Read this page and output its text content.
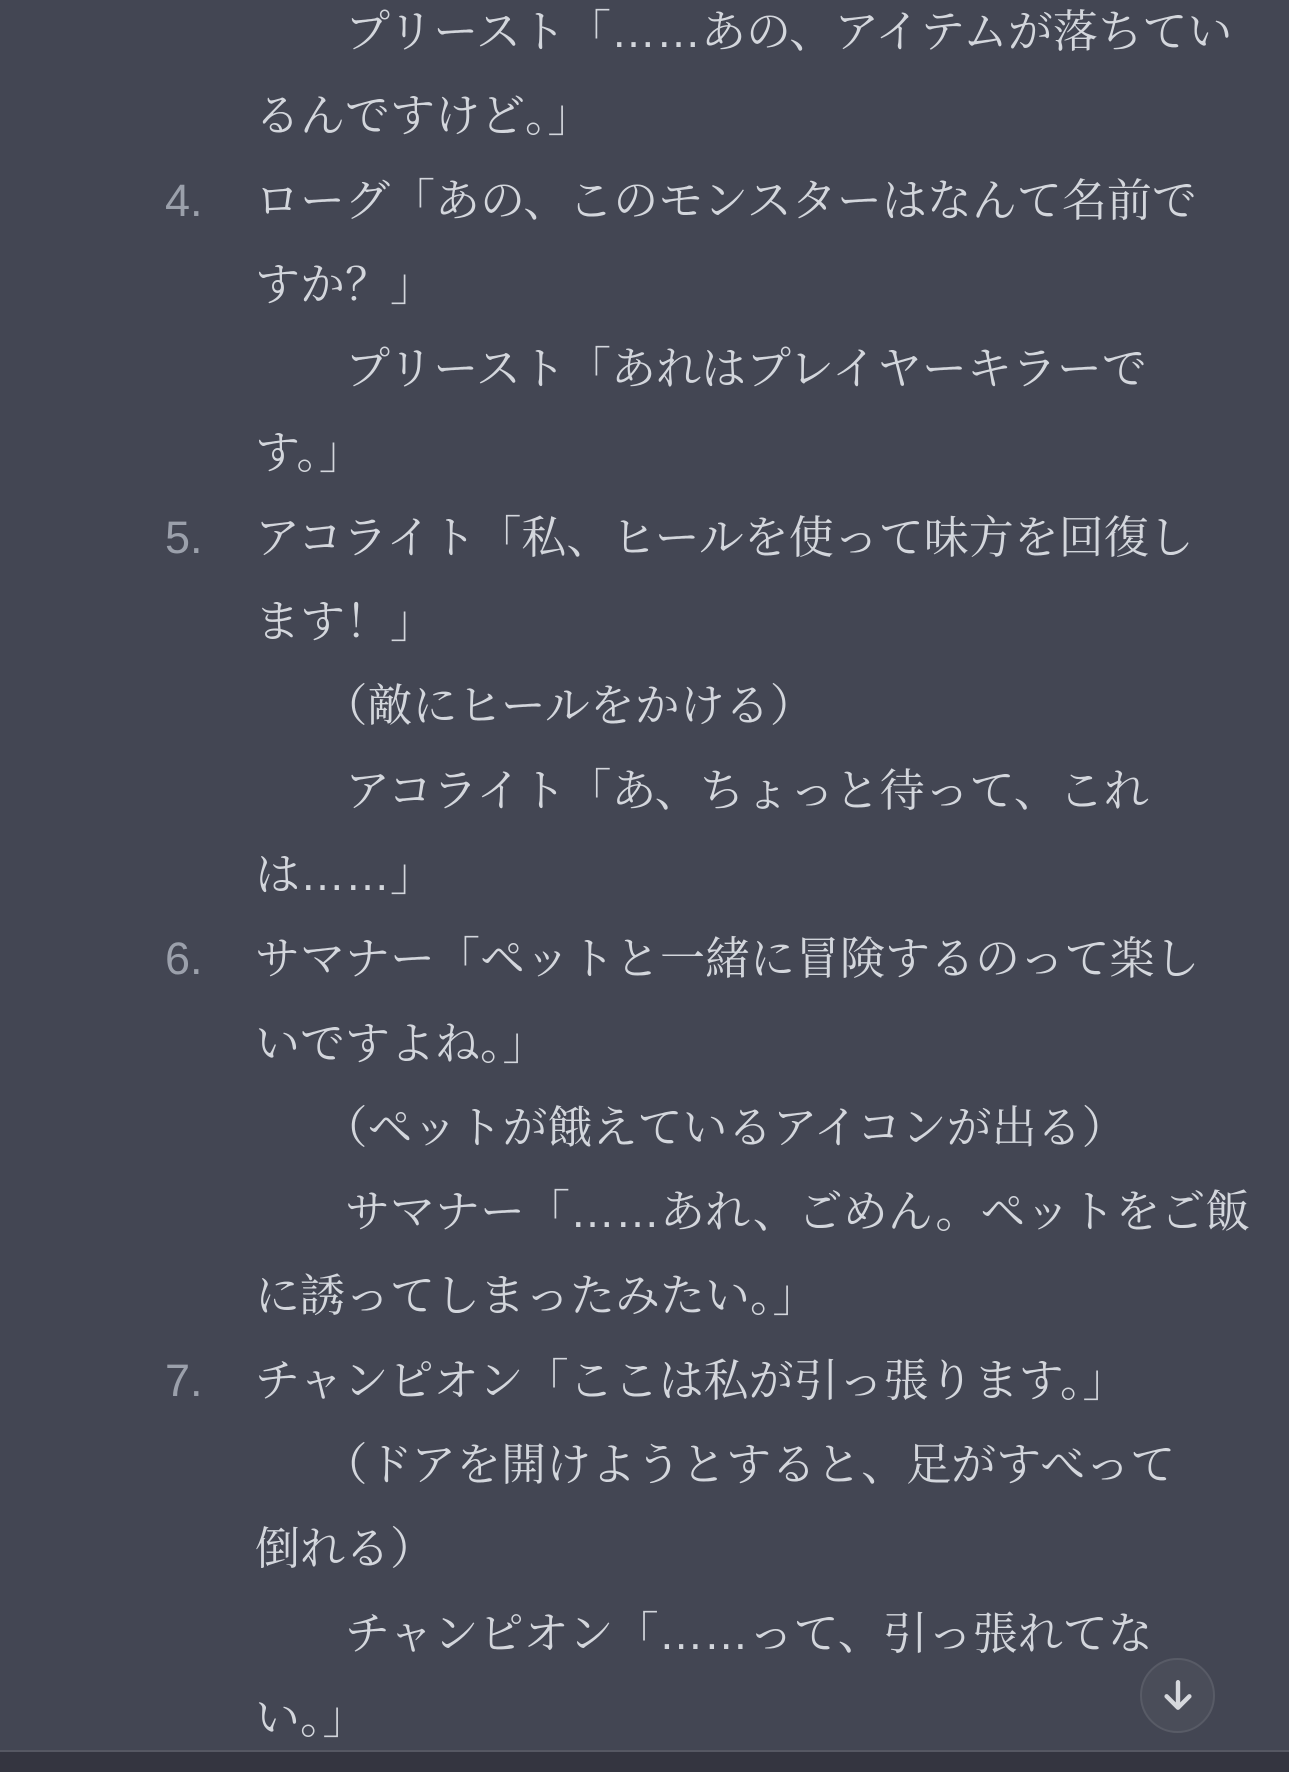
　　プリースト「……あの、アイテムが落ちてい
るんですけど。」
4. ローグ「あの、このモンスターはなんて名前で
すか？」
　　プリースト「あれはプレイヤーキラーで
す。」
5. アコライト「私、ヒールを使って味方を回復し
ます！」
　　（敵にヒールをかける）
　　アコライト「あ、ちょっと待って、これ
は……」
6. サマナー「ペットと一緒に冒険するのって楽し
いですよね。」
　　（ペットが餓えているアイコンが出る）
　　サマナー「……あれ、ごめん。ペットをご飯
に誘ってしまったみたい。」
7. チャンピオン「ここは私が引っ張ります。」
　　（ドアを開けようとすると、足がすべって
倒れる）
　　チャンピオン「……って、引っ張れてな
い。」
